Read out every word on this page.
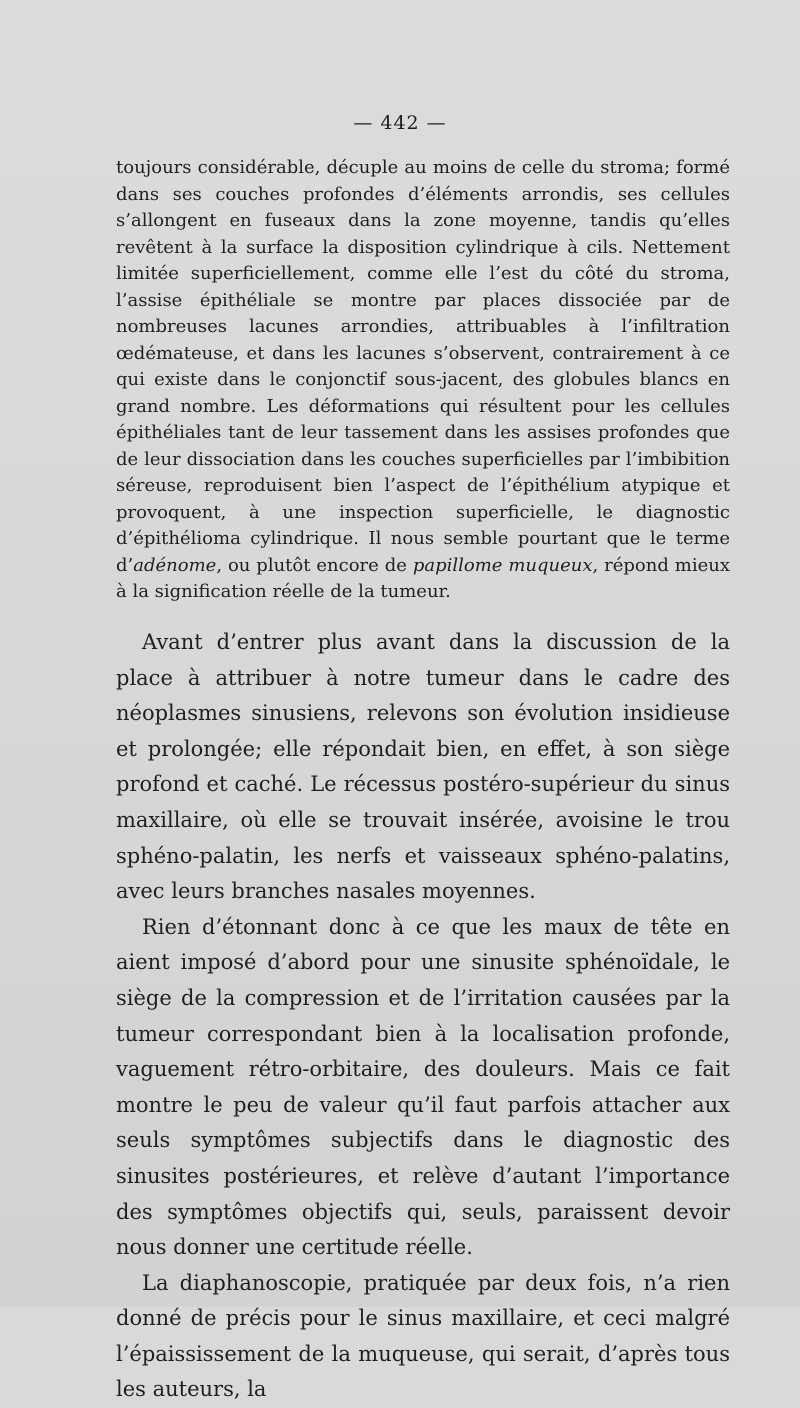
— 442 —

toujours considérable, décuple au moins de celle du stroma; formé dans ses couches profondes d’éléments arrondis, ses cellules s’allongent en fuseaux dans la zone moyenne, tandis qu’elles revêtent à la surface la disposition cylindrique à cils. Nettement limitée superficiellement, comme elle l’est du côté du stroma, l’assise épithéliale se montre par places dissociée par de nombreuses lacunes arrondies, attribuables à l’infiltration œdémateuse, et dans les lacunes s’observent, contrairement à ce qui existe dans le conjonctif sous-jacent, des globules blancs en grand nombre. Les déformations qui résultent pour les cellules épithéliales tant de leur tassement dans les assises profondes que de leur dissociation dans les couches superficielles par l’imbibition séreuse, reproduisent bien l’aspect de l’épithélium atypique et provoquent, à une inspection superficielle, le diagnostic d’épithélioma cylindrique. Il nous semble pourtant que le terme d’adénome, ou plutôt encore de papillome muqueux, répond mieux à la signification réelle de la tumeur.

Avant d’entrer plus avant dans la discussion de la place à attribuer à notre tumeur dans le cadre des néoplasmes sinusiens, relevons son évolution insidieuse et prolongée; elle répondait bien, en effet, à son siège profond et caché. Le récessus postéro-supérieur du sinus maxillaire, où elle se trouvait insérée, avoisine le trou sphéno-palatin, les nerfs et vaisseaux sphéno-palatins, avec leurs branches nasales moyennes.

Rien d’étonnant donc à ce que les maux de tête en aient imposé d’abord pour une sinusite sphénoïdale, le siège de la compression et de l’irritation causées par la tumeur correspondant bien à la localisation profonde, vaguement rétro-orbitaire, des douleurs. Mais ce fait montre le peu de valeur qu’il faut parfois attacher aux seuls symptômes subjectifs dans le diagnostic des sinusites postérieures, et relève d’autant l’importance des symptômes objectifs qui, seuls, paraissent devoir nous donner une certitude réelle.

La diaphanoscopie, pratiquée par deux fois, n’a rien donné de précis pour le sinus maxillaire, et ceci malgré l’épaississement de la muqueuse, qui serait, d’après tous les auteurs, la
